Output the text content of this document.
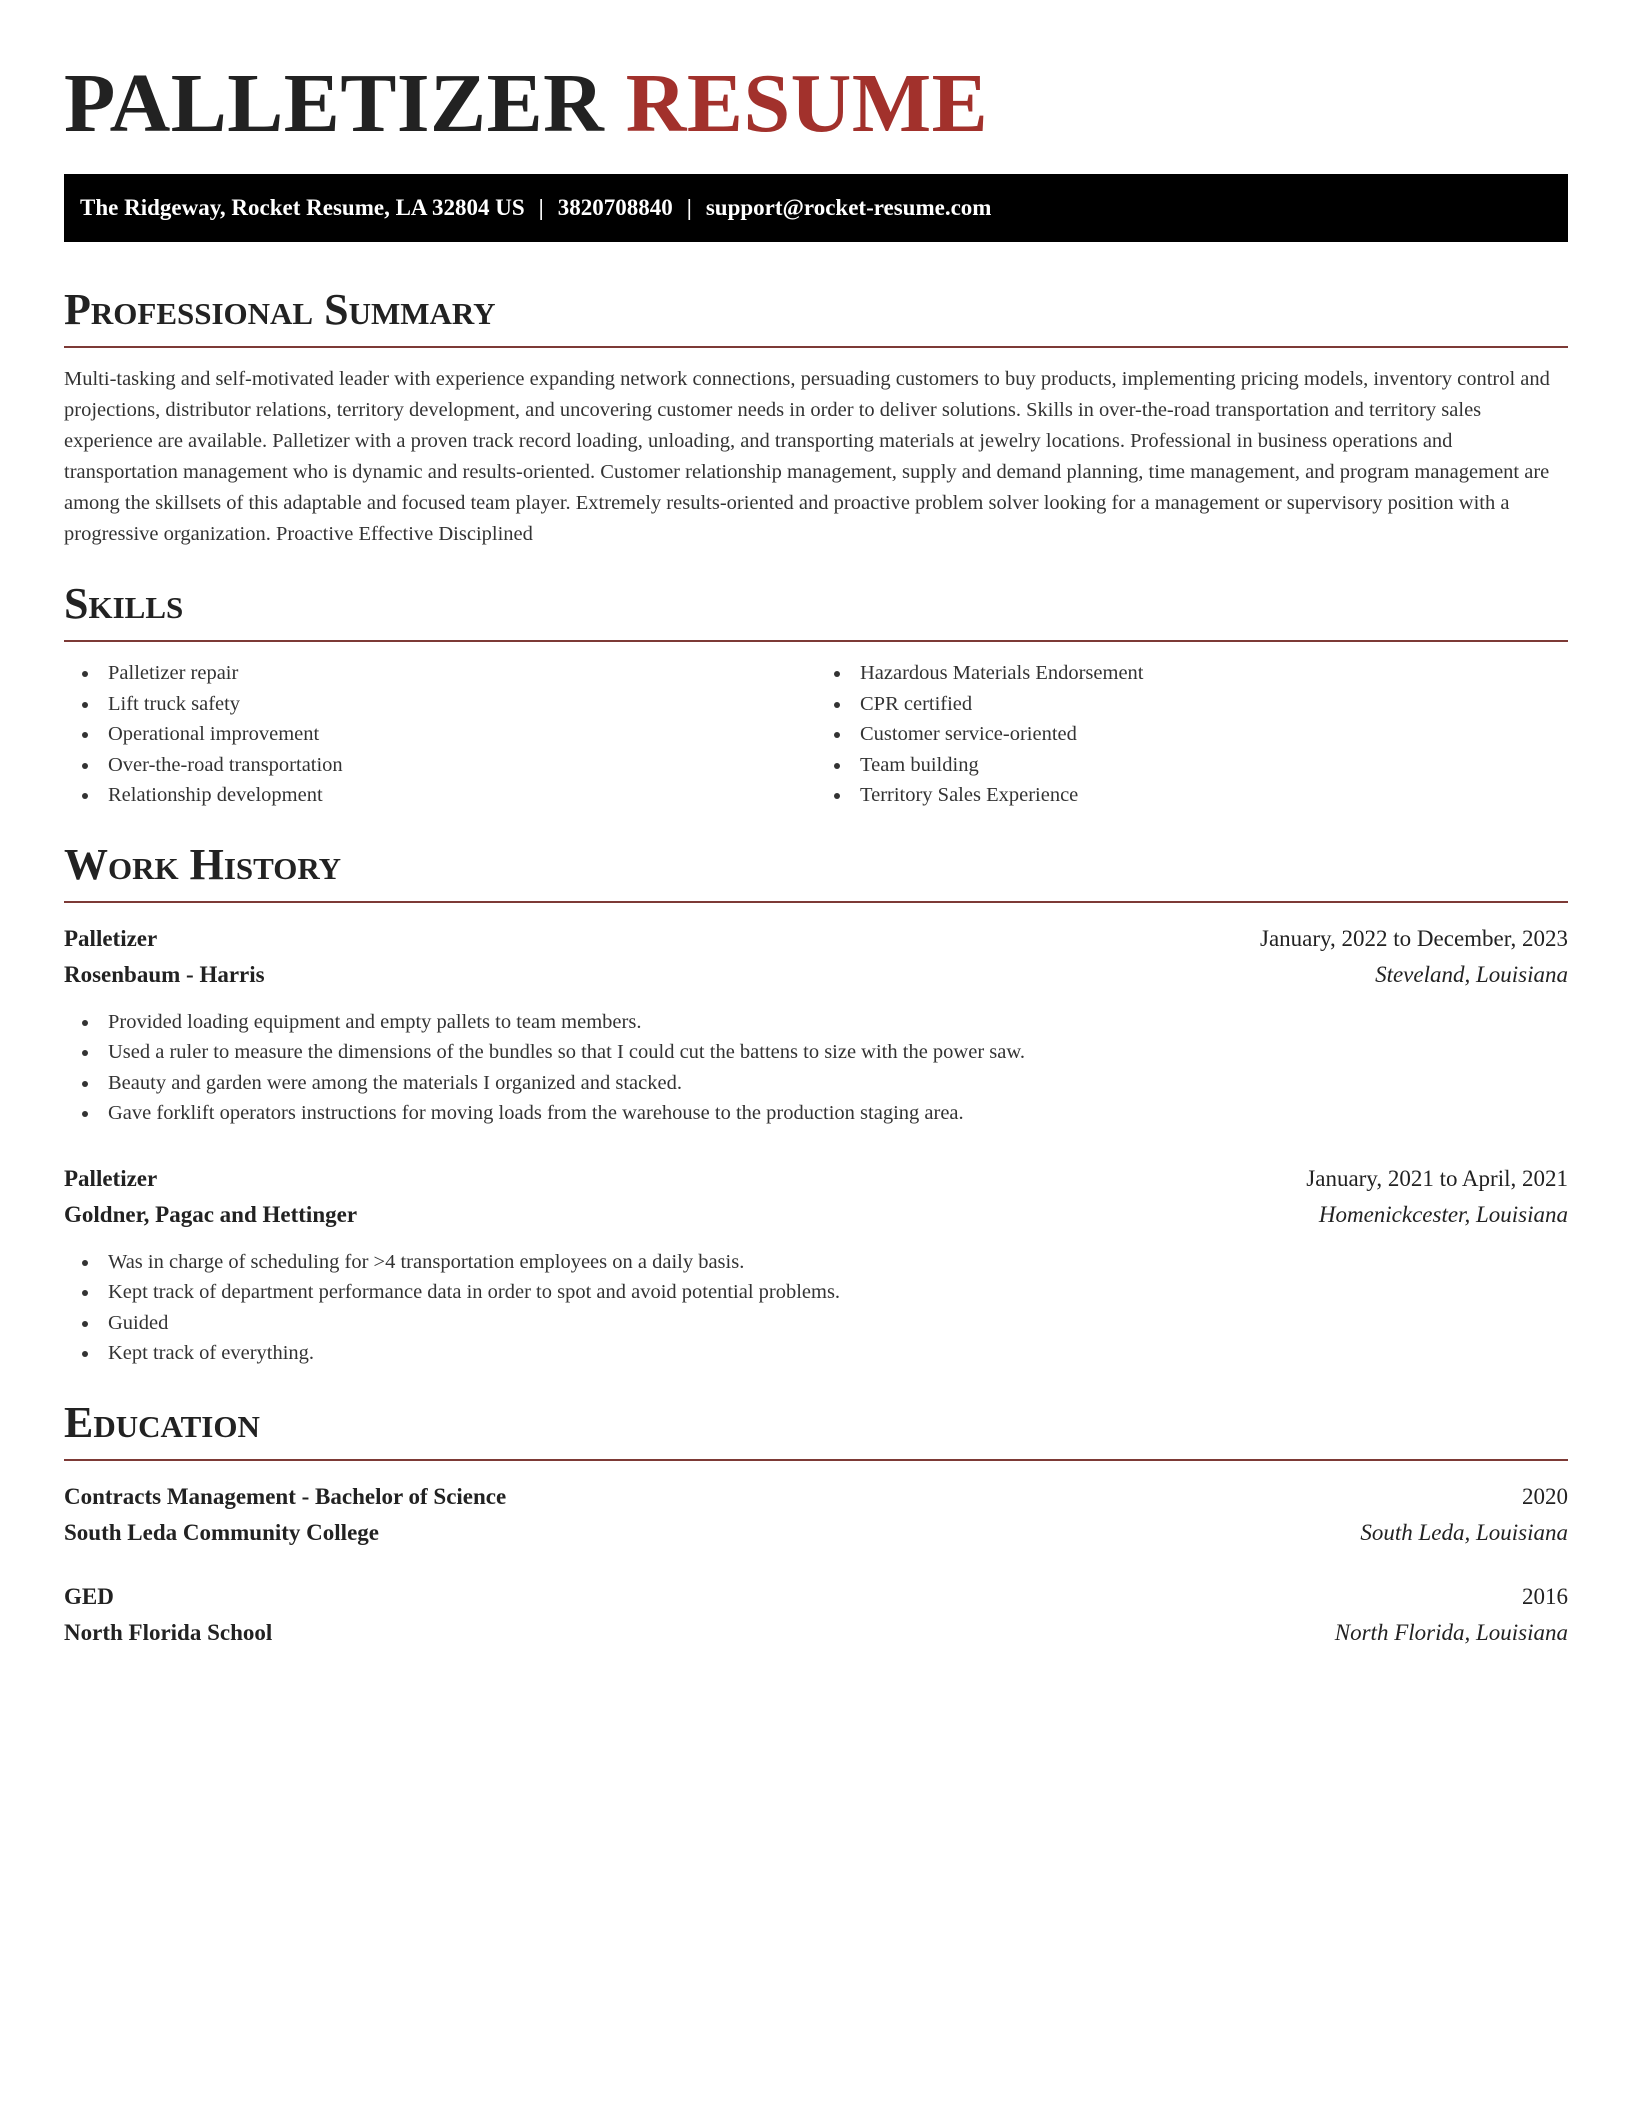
PALLETIZER RESUME
The Ridgeway, Rocket Resume, LA 32804 US | 3820708840 | support@rocket-resume.com
Professional Summary

Multi-tasking and self-motivated leader with experience expanding network connections, persuading customers to buy products, implementing pricing models, inventory control and projections, distributor relations, territory development, and uncovering customer needs in order to deliver solutions. Skills in over-the-road transportation and territory sales experience are available. Palletizer with a proven track record loading, unloading, and transporting materials at jewelry locations. Professional in business operations and transportation management who is dynamic and results-oriented. Customer relationship management, supply and demand planning, time management, and program management are among the skillsets of this adaptable and focused team player. Extremely results-oriented and proactive problem solver looking for a management or supervisory position with a progressive organization. Proactive Effective Disciplined

Skills
Palletizer repair
Lift truck safety
Operational improvement
Over-the-road transportation
Relationship development
Hazardous Materials Endorsement
CPR certified
Customer service-oriented
Team building
Territory Sales Experience
Work History
Palletizer	January, 2022 to December, 2023
Rosenbaum - Harris	Steveland, Louisiana
Provided loading equipment and empty pallets to team members.
Used a ruler to measure the dimensions of the bundles so that I could cut the battens to size with the power saw.
Beauty and garden were among the materials I organized and stacked.
Gave forklift operators instructions for moving loads from the warehouse to the production staging area.
Palletizer	January, 2021 to April, 2021
Goldner, Pagac and Hettinger	Homenickcester, Louisiana
Was in charge of scheduling for >4 transportation employees on a daily basis.
Kept track of department performance data in order to spot and avoid potential problems.
Guided
Kept track of everything.
Education
Contracts Management - Bachelor of Science	2020
South Leda Community College	South Leda, Louisiana
GED	2016
North Florida School	North Florida, Louisiana
